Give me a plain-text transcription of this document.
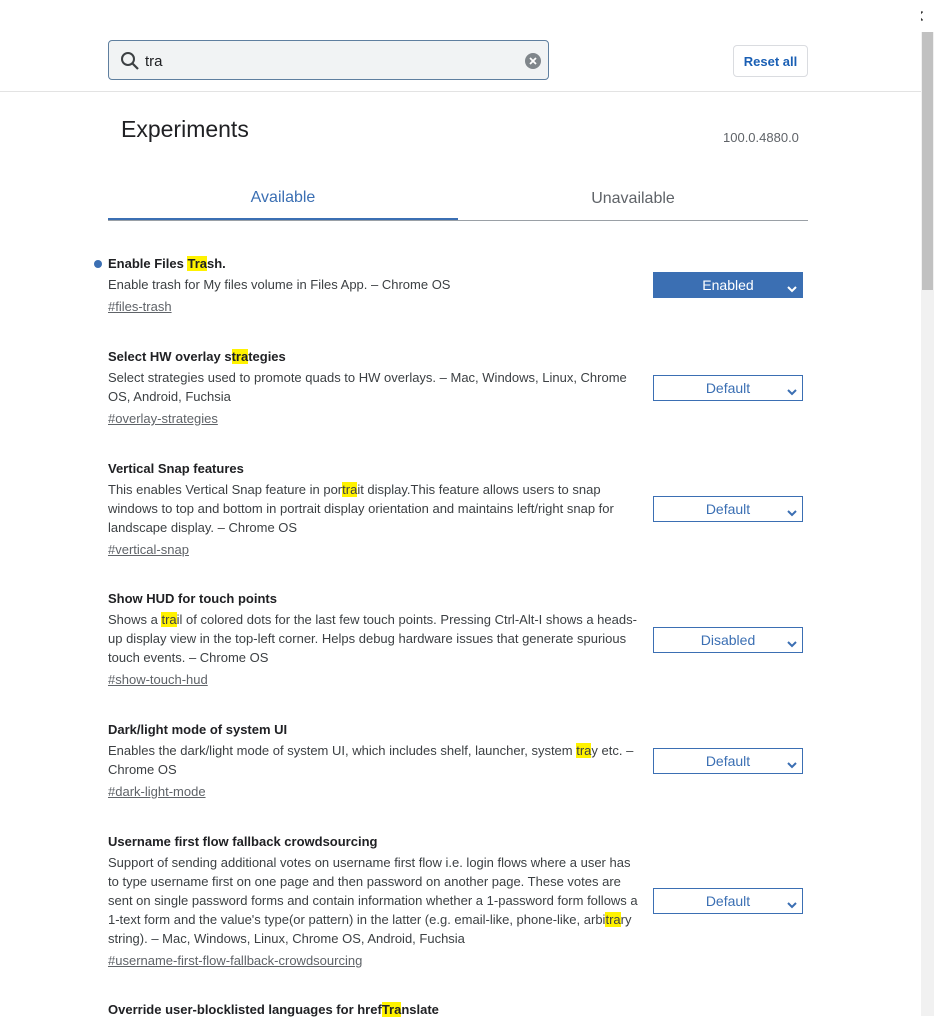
tra
Reset all
Experiments	100.0.4880.0
Available	Unavailable
Enable Files Trash.
Enable trash for My files volume in Files App. – Chrome OS
#files-trash
Enabled
Select HW overlay strategies
Select strategies used to promote quads to HW overlays. – Mac, Windows, Linux, Chrome OS, Android, Fuchsia
#overlay-strategies
Default
Vertical Snap features
This enables Vertical Snap feature in portrait display.This feature allows users to snap windows to top and bottom in portrait display orientation and maintains left/right snap for landscape display. – Chrome OS
#vertical-snap
Default
Show HUD for touch points
Shows a trail of colored dots for the last few touch points. Pressing Ctrl-Alt-I shows a heads-up display view in the top-left corner. Helps debug hardware issues that generate spurious touch events. – Chrome OS
#show-touch-hud
Disabled
Dark/light mode of system UI
Enables the dark/light mode of system UI, which includes shelf, launcher, system tray etc. – Chrome OS
#dark-light-mode
Default
Username first flow fallback crowdsourcing
Support of sending additional votes on username first flow i.e. login flows where a user has to type username first on one page and then password on another page. These votes are sent on single password forms and contain information whether a 1-password form follows a 1-text form and the value's type(or pattern) in the latter (e.g. email-like, phone-like, arbitrary string). – Mac, Windows, Linux, Chrome OS, Android, Fuchsia
#username-first-flow-fallback-crowdsourcing
Default
Override user-blocklisted languages for hrefTranslate
